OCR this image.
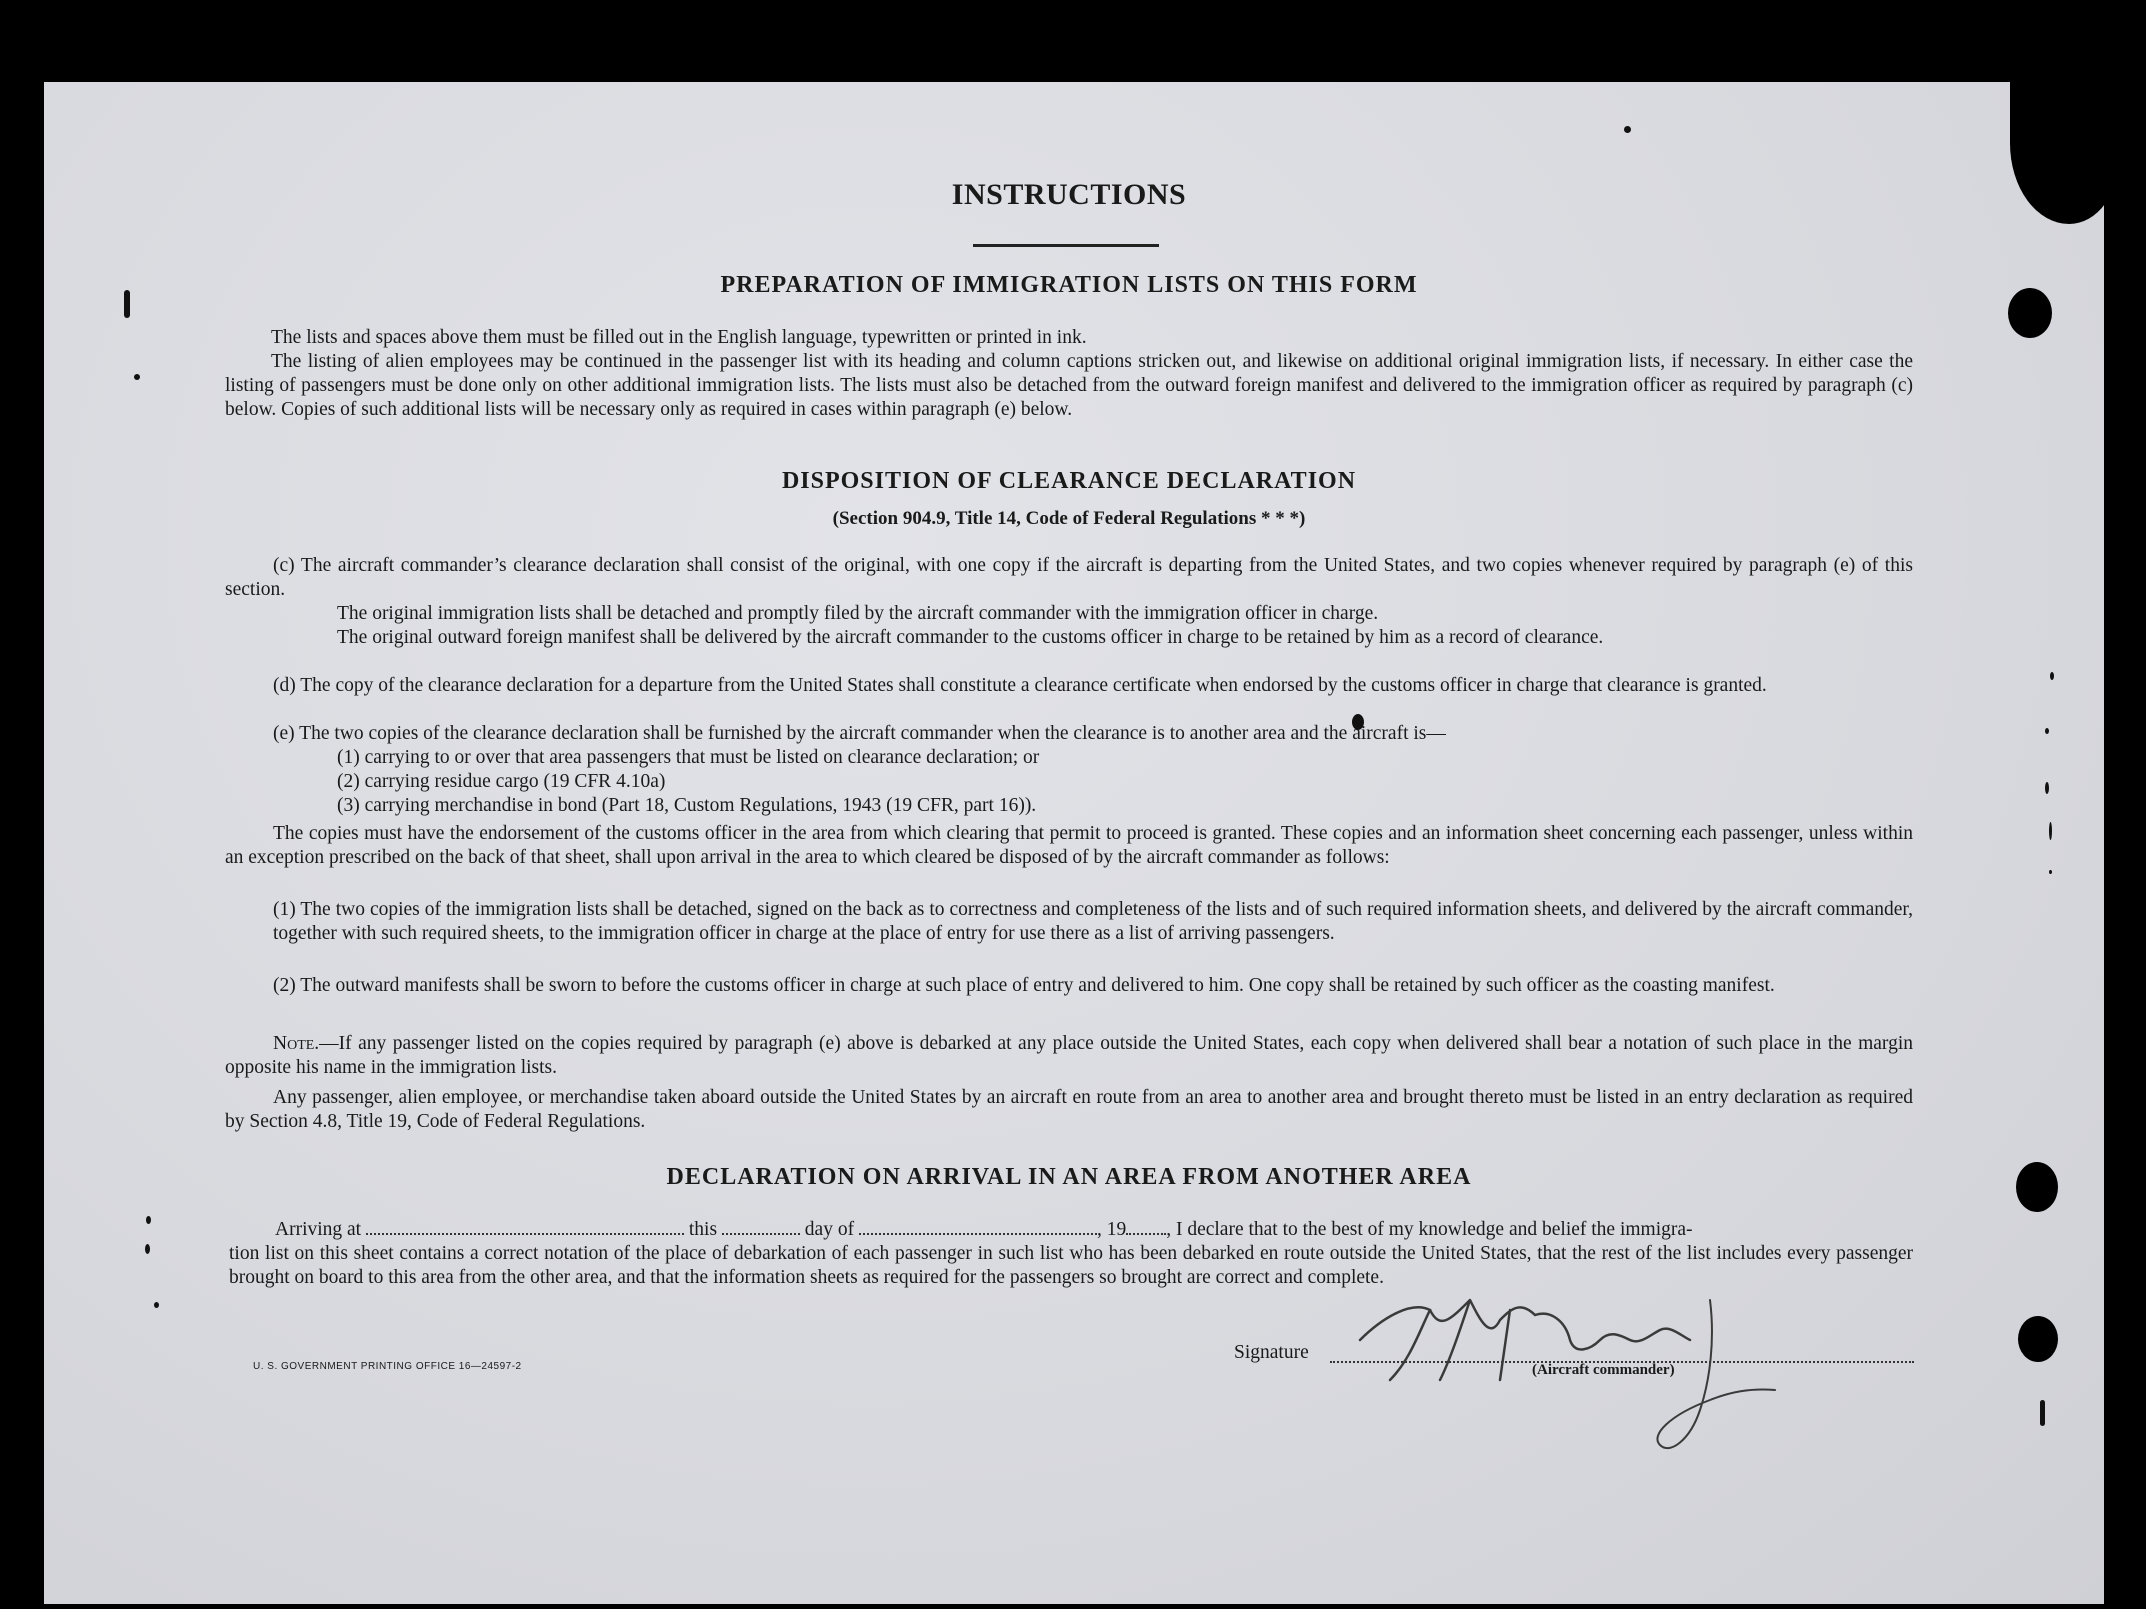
INSTRUCTIONS
PREPARATION OF IMMIGRATION LISTS ON THIS FORM
The lists and spaces above them must be filled out in the English language, typewritten or printed in ink.
The listing of alien employees may be continued in the passenger list with its heading and column captions stricken out, and likewise on additional original immigration lists, if necessary. In either case the listing of passengers must be done only on other additional immigration lists. The lists must also be detached from the outward foreign manifest and delivered to the immigration officer as required by paragraph (c) below. Copies of such additional lists will be necessary only as required in cases within paragraph (e) below.
DISPOSITION OF CLEARANCE DECLARATION
(Section 904.9, Title 14, Code of Federal Regulations * * *)
(c) The aircraft commander’s clearance declaration shall consist of the original, with one copy if the aircraft is departing from the United States, and two copies whenever required by paragraph (e) of this section.
The original immigration lists shall be detached and promptly filed by the aircraft commander with the immigration officer in charge.
The original outward foreign manifest shall be delivered by the aircraft commander to the customs officer in charge to be retained by him as a record of clearance.
(d) The copy of the clearance declaration for a departure from the United States shall constitute a clearance certificate when endorsed by the customs officer in charge that clearance is granted.
(e) The two copies of the clearance declaration shall be furnished by the aircraft commander when the clearance is to another area and the aircraft is—
(1) carrying to or over that area passengers that must be listed on clearance declaration; or
(2) carrying residue cargo (19 CFR 4.10a)
(3) carrying merchandise in bond (Part 18, Custom Regulations, 1943 (19 CFR, part 16)).
The copies must have the endorsement of the customs officer in the area from which clearing that permit to proceed is granted. These copies and an information sheet concerning each passenger, unless within an exception prescribed on the back of that sheet, shall upon arrival in the area to which cleared be disposed of by the aircraft commander as follows:
(1) The two copies of the immigration lists shall be detached, signed on the back as to correctness and completeness of the lists and of such required information sheets, and delivered by the aircraft commander, together with such required sheets, to the immigration officer in charge at the place of entry for use there as a list of arriving passengers.
(2) The outward manifests shall be sworn to before the customs officer in charge at such place of entry and delivered to him. One copy shall be retained by such officer as the coasting manifest.
Note.—If any passenger listed on the copies required by paragraph (e) above is debarked at any place outside the United States, each copy when delivered shall bear a notation of such place in the margin opposite his name in the immigration lists.
Any passenger, alien employee, or merchandise taken aboard outside the United States by an aircraft en route from an area to another area and brought thereto must be listed in an entry declaration as required by Section 4.8, Title 19, Code of Federal Regulations.
DECLARATION ON ARRIVAL IN AN AREA FROM ANOTHER AREA
Arriving at	this	day of	, 19 , I declare that to the best of my knowledge and belief the immigra-
tion list on this sheet contains a correct notation of the place of debarkation of each passenger in such list who has been debarked en route outside the United States, that the rest of the list includes every passenger brought on board to this area from the other area, and that the information sheets as required for the passengers so brought are correct and complete.
U. S. GOVERNMENT PRINTING OFFICE 16—24597-2
Signature
(Aircraft commander)
